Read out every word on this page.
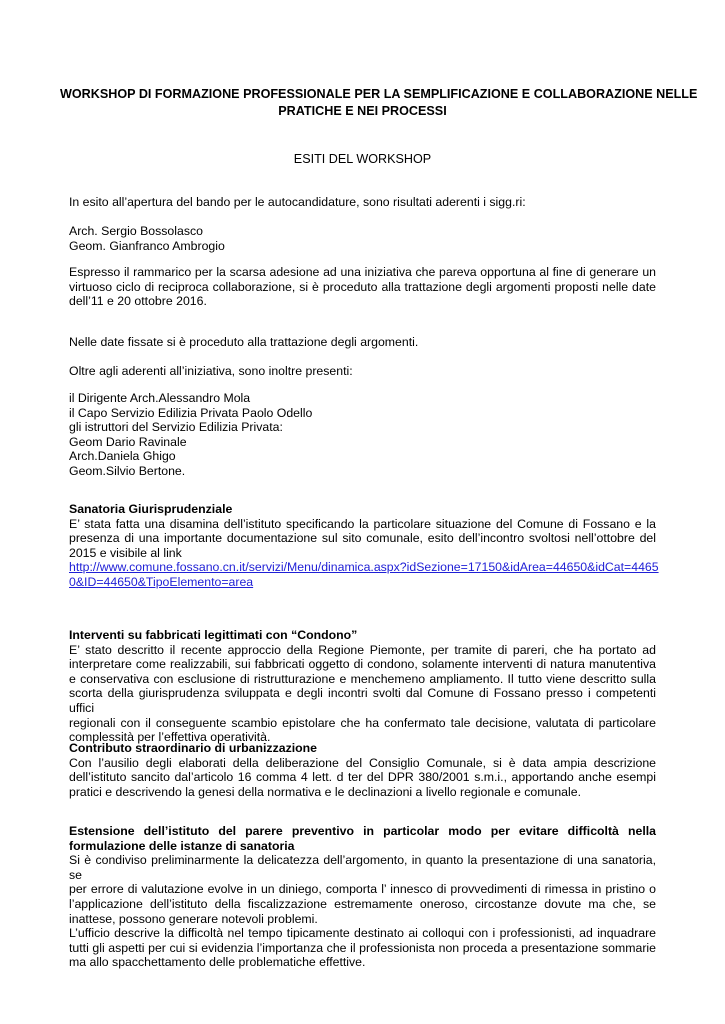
WORKSHOP DI FORMAZIONE PROFESSIONALE PER LA SEMPLIFICAZIONE E COLLABORAZIONE NELLE
PRATICHE E NEI PROCESSI
ESITI DEL WORKSHOP
In esito all’apertura del bando per le autocandidature, sono risultati aderenti i sigg.ri:
Arch. Sergio Bossolasco
Geom. Gianfranco Ambrogio
Espresso il rammarico per la scarsa adesione ad una iniziativa che pareva opportuna al fine di generare un
virtuoso ciclo di reciproca collaborazione, si è proceduto alla trattazione degli argomenti proposti nelle date
dell’11 e 20 ottobre 2016.
Nelle date fissate si è proceduto alla trattazione degli argomenti.
Oltre agli aderenti all’iniziativa, sono inoltre presenti:
il Dirigente Arch.Alessandro Mola
il Capo Servizio Edilizia Privata Paolo Odello
gli istruttori del Servizio Edilizia Privata:
Geom Dario Ravinale
Arch.Daniela Ghigo
Geom.Silvio Bertone.
Sanatoria Giurisprudenziale
E’ stata fatta una disamina dell’istituto specificando la particolare situazione del Comune di Fossano e la
presenza di una importante documentazione sul sito comunale, esito dell’incontro svoltosi nell’ottobre del
2015 e visibile al link
http://www.comune.fossano.cn.it/servizi/Menu/dinamica.aspx?idSezione=17150&idArea=44650&idCat=4465
0&ID=44650&TipoElemento=area
Interventi su fabbricati legittimati con “Condono”
E’ stato descritto il recente approccio della Regione Piemonte, per tramite di pareri, che ha portato ad
interpretare come realizzabili, sui fabbricati oggetto di condono, solamente interventi di natura manutentiva
e conservativa con esclusione di ristrutturazione e menchemeno ampliamento. Il tutto viene descritto sulla
scorta della giurisprudenza sviluppata e degli incontri svolti dal Comune di Fossano presso i competenti uffici
regionali con il conseguente scambio epistolare che ha confermato tale decisione, valutata di particolare
complessità per l’effettiva operatività.
Contributo straordinario di urbanizzazione
Con l’ausilio degli elaborati della deliberazione del Consiglio Comunale, si è data ampia descrizione
dell’istituto sancito dal’articolo 16 comma 4 lett. d ter del DPR 380/2001 s.m.i., apportando anche esempi
pratici e descrivendo la genesi della normativa e le declinazioni a livello regionale e comunale.
Estensione dell’istituto del parere preventivo in particolar modo per evitare difficoltà nella
formulazione delle istanze di sanatoria
Si è condiviso preliminarmente la delicatezza dell’argomento, in quanto la presentazione di una sanatoria, se
per errore di valutazione evolve in un diniego, comporta l’ innesco di provvedimenti di rimessa in pristino o
l’applicazione dell’istituto della fiscalizzazione estremamente oneroso, circostanze dovute ma che, se
inattese, possono generare notevoli problemi.
L’ufficio descrive la difficoltà nel tempo tipicamente destinato ai colloqui con i professionisti, ad inquadrare
tutti gli aspetti per cui si evidenzia l’importanza che il professionista non proceda a presentazione sommarie
ma allo spacchettamento delle problematiche effettive.
